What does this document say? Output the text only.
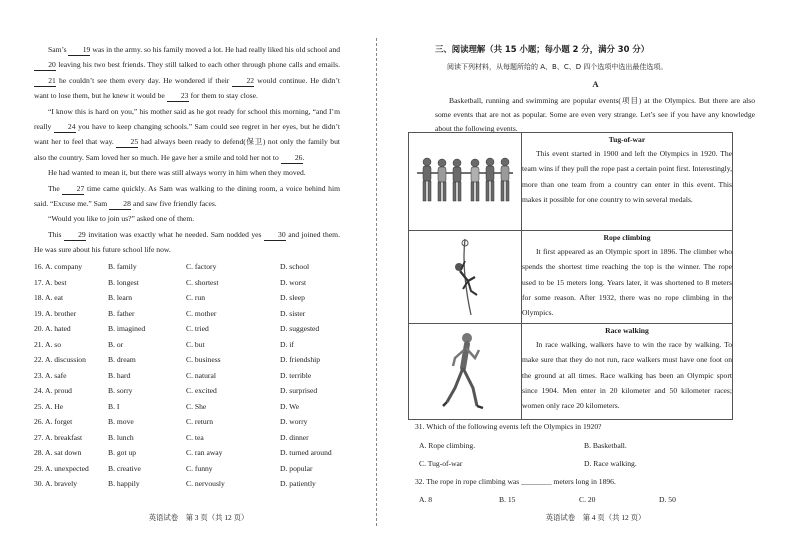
Sam’s 19 was in the army. so his family moved a lot. He had really liked his old school and 20 leaving his two best friends. They still talked to each other through phone calls and emails. 21 he couldn’t see them every day. He wondered if their 22 would continue. He didn’t want to lose them, but he knew it would be 23 for them to stay close.

“I know this is hard on you,” his mother said as he got ready for school this morning, “and I’m really 24 you have to keep changing schools.” Sam could see regret in her eyes, but he didn’t want her to feel that way. 25 had always been ready to defend(保卫) not only the family but also the country. Sam loved her so much. He gave her a smile and told her not to 26.

He had wanted to mean it, but there was still always worry in him when they moved.

The 27 time came quickly. As Sam was walking to the dining room, a voice behind him said. “Excuse me.” Sam 28 and saw five friendly faces.

“Would you like to join us?” asked one of them.

This 29 invitation was exactly what he needed. Sam nodded yes 30 and joined them. He was sure about his future school life now.

16. A. company	B. family	C. factory	D. school
17. A. best	B. longest	C. shortest	D. worst
18. A. eat	B. learn	C. run	D. sleep
19. A. brother	B. father	C. mother	D. sister
20. A. hated	B. imagined	C. tried	D. suggested
21. A. so	B. or	C. but	D. if
22. A. discussion	B. dream	C. business	D. friendship
23. A. safe	B. hard	C. natural	D. terrible
24. A. proud	B. sorry	C. excited	D. surprised
25. A. He	B. I	C. She	D. We
26. A. forget	B. move	C. return	D. worry
27. A. breakfast	B. lunch	C. tea	D. dinner
28. A. sat down	B. got up	C. ran away	D. turned around
29. A. unexpected	B. creative	C. funny	D. popular
30. A. bravely	B. happily	C. nervously	D. patiently
英语试卷　第 3 页（共 12 页）
三、阅读理解（共 15 小题；每小题 2 分，满分 30 分）
阅读下列材料，从每题所给的 A、B、C、D 四个选项中选出最佳选项。
A

Basketball, running and swimming are popular events(项目) at the Olympics. But there are also some events that are not as popular. Some are even very strange. Let’s see if you have any knowledge about the following events.

Tug-of-war

This event started in 1900 and left the Olympics in 1920. The team wins if they pull the rope past a certain point first. Interestingly, more than one team from a country can enter in this event. This makes it possible for one country to win several medals.

Rope climbing

It first appeared as an Olympic sport in 1896. The climber who spends the shortest time reaching the top is the winner. The rope used to be 15 meters long. Years later, it was shortened to 8 meters for some reason. After 1932, there was no rope climbing in the Olympics.

Race walking

In race walking, walkers have to win the race by walking. To make sure that they do not run, race walkers must have one foot on the ground at all times. Race walking has been an Olympic sport since 1904. Men enter in 20 kilometer and 50 kilometer races; women only race 20 kilometers.

31. Which of the following events left the Olympics in 1920?
A. Rope climbing.	B. Basketball.
C. Tug-of-war	D. Race walking.
32. The rope in rope climbing was ________ meters long in 1896.
A. 8	B. 15	C. 20	D. 50
英语试卷　第 4 页（共 12 页）
